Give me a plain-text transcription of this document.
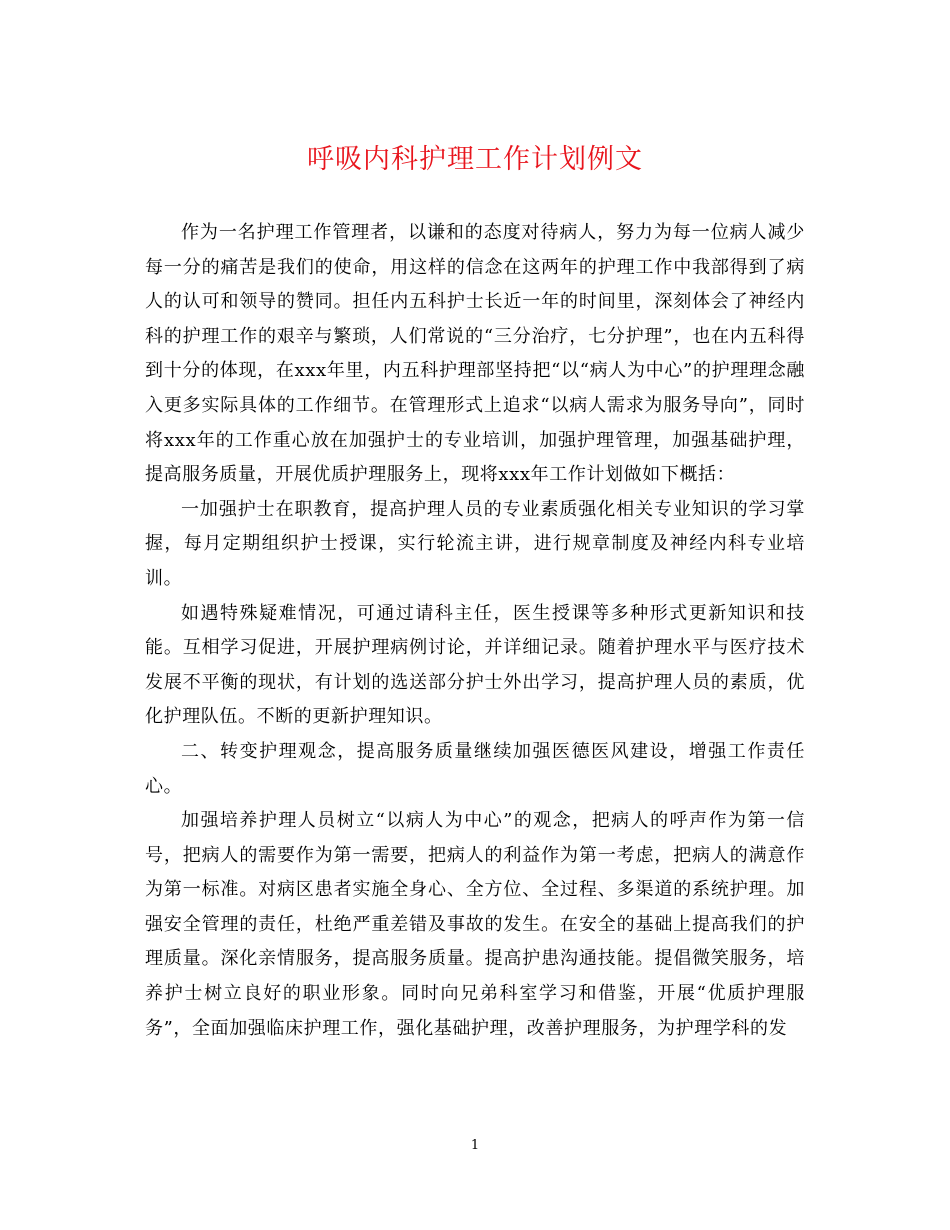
呼吸内科护理工作计划例文

作为一名护理工作管理者，以谦和的态度对待病人，努力为每一位病人减少每一分的痛苦是我们的使命，用这样的信念在这两年的护理工作中我部得到了病人的认可和领导的赞同。担任内五科护士长近一年的时间里，深刻体会了神经内科的护理工作的艰辛与繁琐，人们常说的“三分治疗，七分护理”，也在内五科得到十分的体现，在xxx年里，内五科护理部坚持把“以“病人为中心”的护理理念融入更多实际具体的工作细节。在管理形式上追求“以病人需求为服务导向”，同时将xxx年的工作重心放在加强护士的专业培训，加强护理管理，加强基础护理，提高服务质量，开展优质护理服务上，现将xxx年工作计划做如下概括：

一加强护士在职教育，提高护理人员的专业素质强化相关专业知识的学习掌握，每月定期组织护士授课，实行轮流主讲，进行规章制度及神经内科专业培训。

如遇特殊疑难情况，可通过请科主任，医生授课等多种形式更新知识和技能。互相学习促进，开展护理病例讨论，并详细记录。随着护理水平与医疗技术发展不平衡的现状，有计划的选送部分护士外出学习，提高护理人员的素质，优化护理队伍。不断的更新护理知识。

二、转变护理观念，提高服务质量继续加强医德医风建设，增强工作责任心。

加强培养护理人员树立“以病人为中心”的观念，把病人的呼声作为第一信号，把病人的需要作为第一需要，把病人的利益作为第一考虑，把病人的满意作为第一标准。对病区患者实施全身心、全方位、全过程、多渠道的系统护理。加强安全管理的责任，杜绝严重差错及事故的发生。在安全的基础上提高我们的护理质量。深化亲情服务，提高服务质量。提高护患沟通技能。提倡微笑服务，培养护士树立良好的职业形象。同时向兄弟科室学习和借鉴，开展“优质护理服务”，全面加强临床护理工作，强化基础护理，改善护理服务，为护理学科的发

1
